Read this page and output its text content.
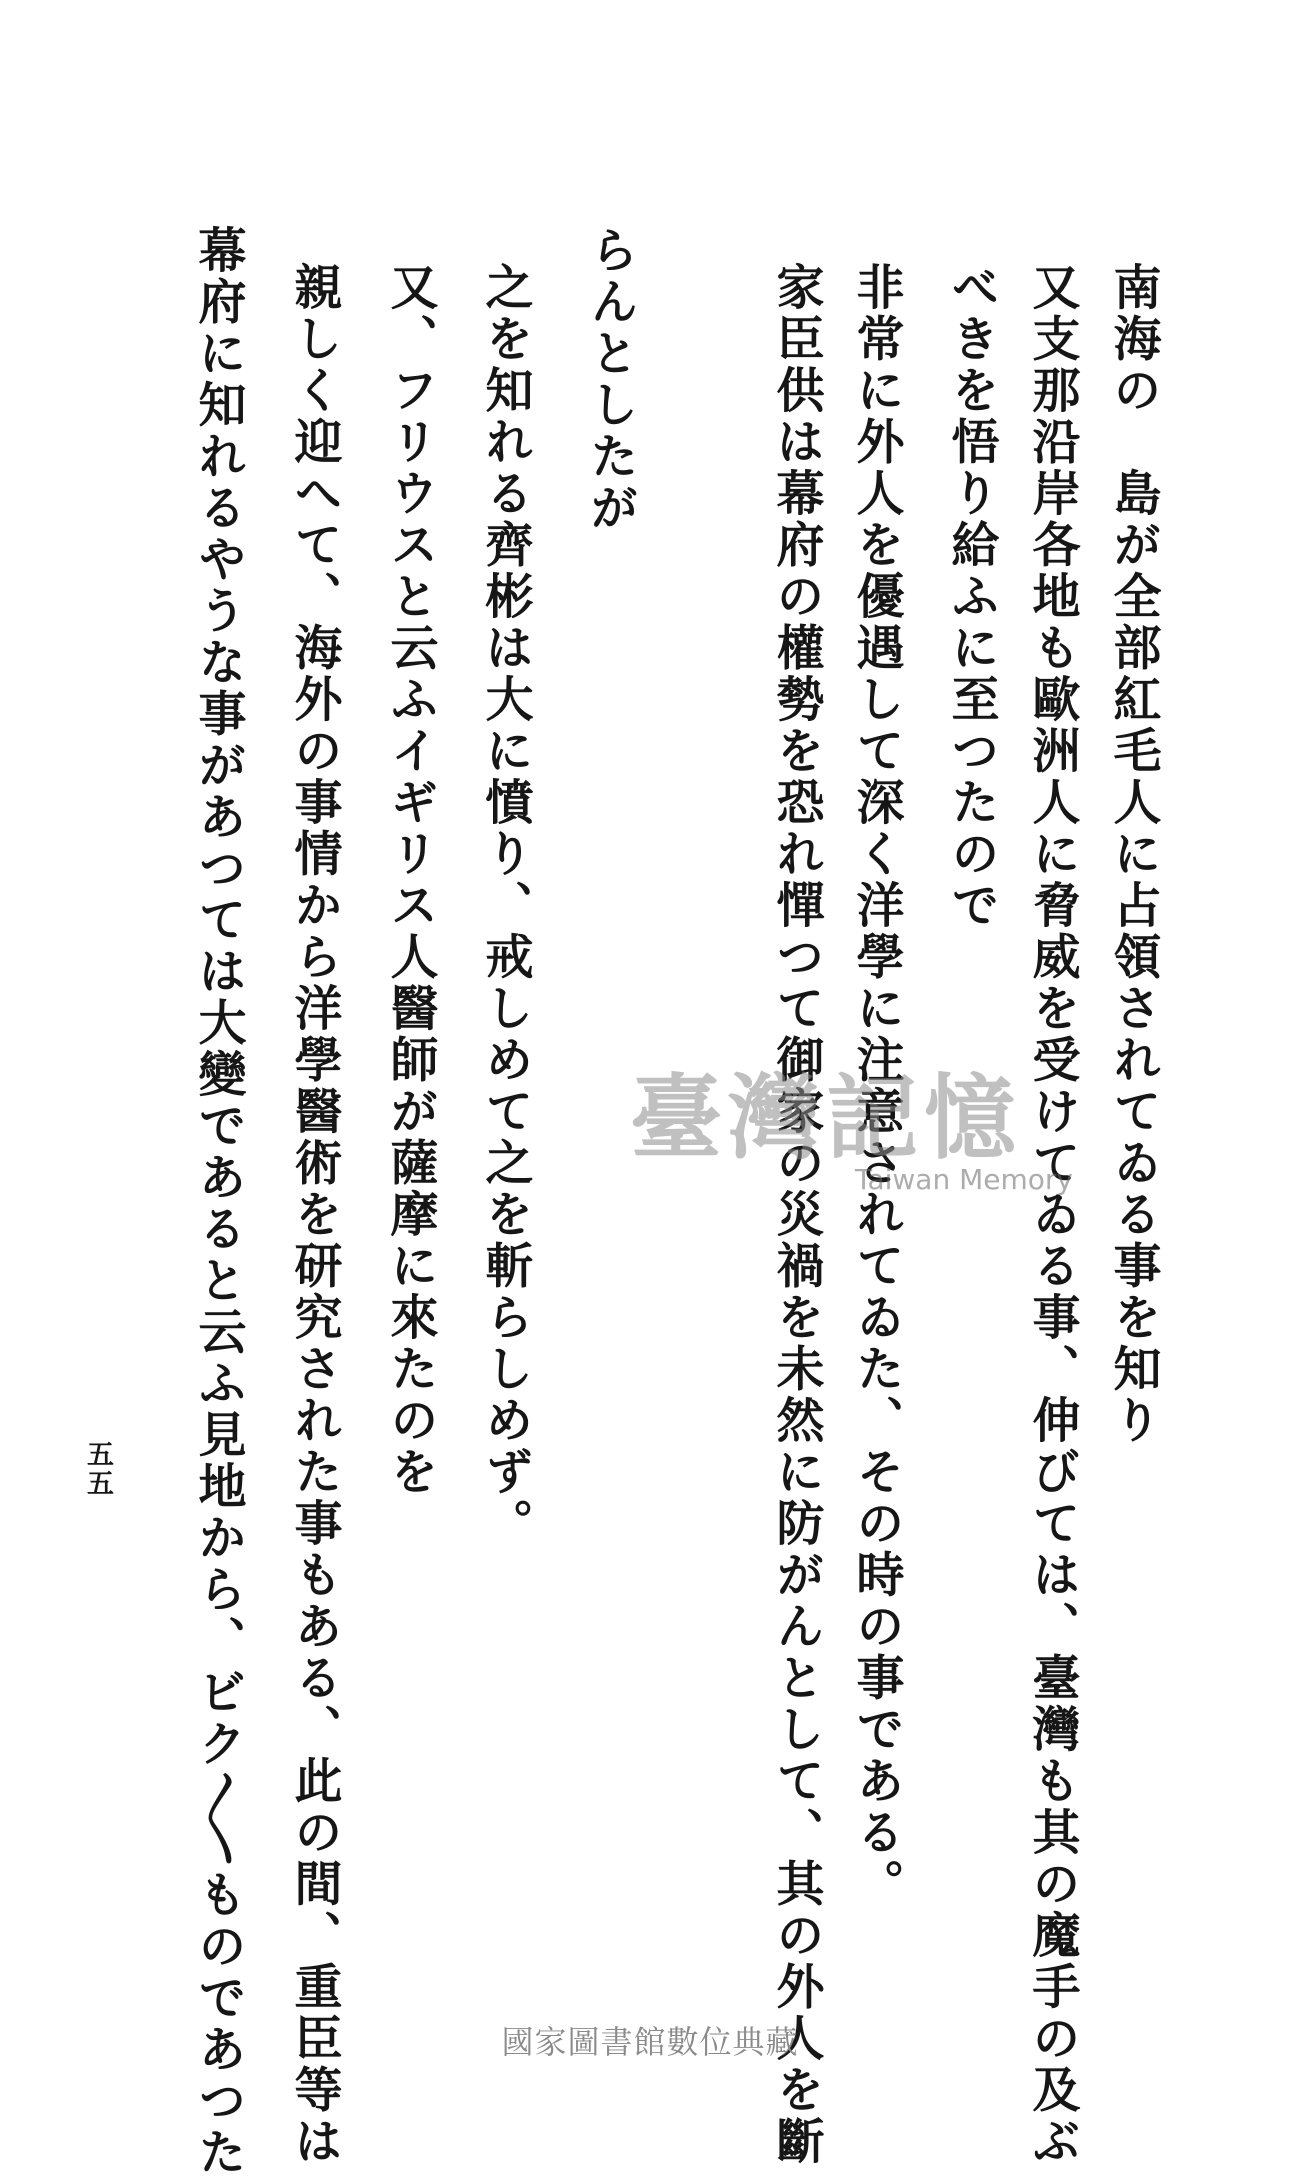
南海の　島が全部紅毛人に占領されてゐる事を知り
又支那沿岸各地も歐洲人に脅威を受けてゐる事、伸びては、臺灣も其の魔手の及ぶ
べきを悟り給ふに至つたので
非常に外人を優遇して深く洋學に注意されてゐた、その時の事である。
家臣供は幕府の權勢を恐れ憚つて御家の災禍を未然に防がんとして、其の外人を斷
らんとしたが
之を知れる齊彬は大に憤り、戒しめて之を斬らしめず。
又、フリウスと云ふイギリス人醫師が薩摩に來たのを
親しく迎へて、海外の事情から洋學醫術を研究された事もある、此の間、重臣等は
幕府に知れるやうな事があつては大變であると云ふ見地から、ビク〳〵ものであつた
五五
臺灣記憶
Taiwan Memory
國家圖書館數位典藏
